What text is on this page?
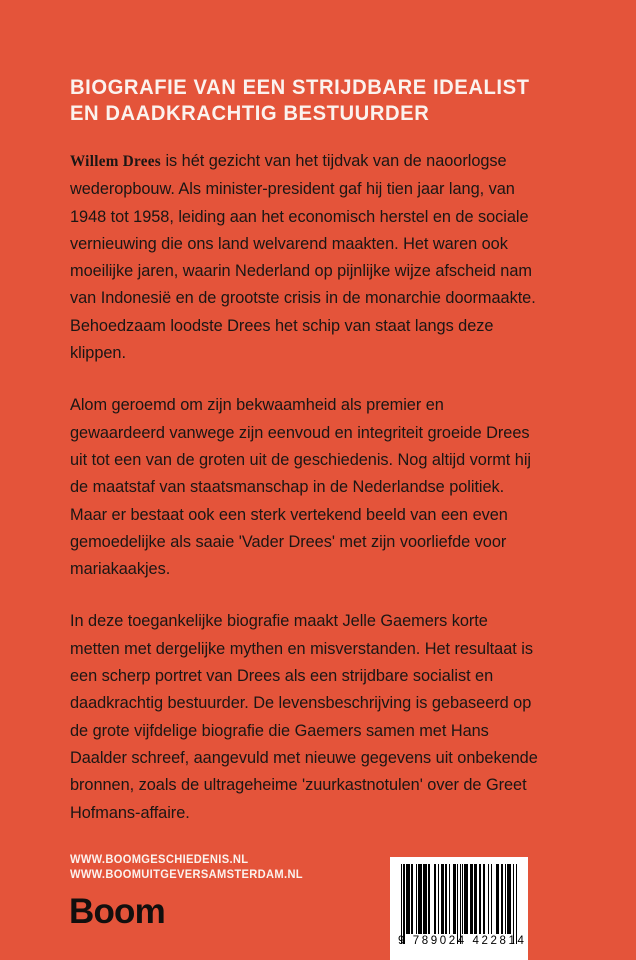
BIOGRAFIE VAN EEN STRIJDBARE IDEALIST EN DAADKRACHTIG BESTUURDER

Willem Drees is hét gezicht van het tijdvak van de naoorlogse wederopbouw. Als minister-president gaf hij tien jaar lang, van 1948 tot 1958, leiding aan het economisch herstel en de sociale vernieuwing die ons land welvarend maakten. Het waren ook moeilijke jaren, waarin Nederland op pijnlijke wijze afscheid nam van Indonesië en de grootste crisis in de monarchie doormaakte. Behoedzaam loodste Drees het schip van staat langs deze klippen.

Alom geroemd om zijn bekwaamheid als premier en gewaardeerd vanwege zijn eenvoud en integriteit groeide Drees uit tot een van de groten uit de geschiedenis. Nog altijd vormt hij de maatstaf van staatsmanschap in de Nederlandse politiek. Maar er bestaat ook een sterk vertekend beeld van een even gemoedelijke als saaie 'Vader Drees' met zijn voorliefde voor mariakaakjes.

In deze toegankelijke biografie maakt Jelle Gaemers korte metten met dergelijke mythen en misverstanden. Het resultaat is een scherp portret van Drees als een strijdbare socialist en daadkrachtig bestuurder. De levensbeschrijving is gebaseerd op de grote vijfdelige biografie die Gaemers samen met Hans Daalder schreef, aangevuld met nieuwe gegevens uit onbekende bronnen, zoals de ultrageheime 'zuurkastnotulen' over de Greet Hofmans-affaire.

WWW.BOOMGESCHIEDENIS.NL
WWW.BOOMUITGEVERSAMSTERDAM.NL
Boom
9 789024 422814
